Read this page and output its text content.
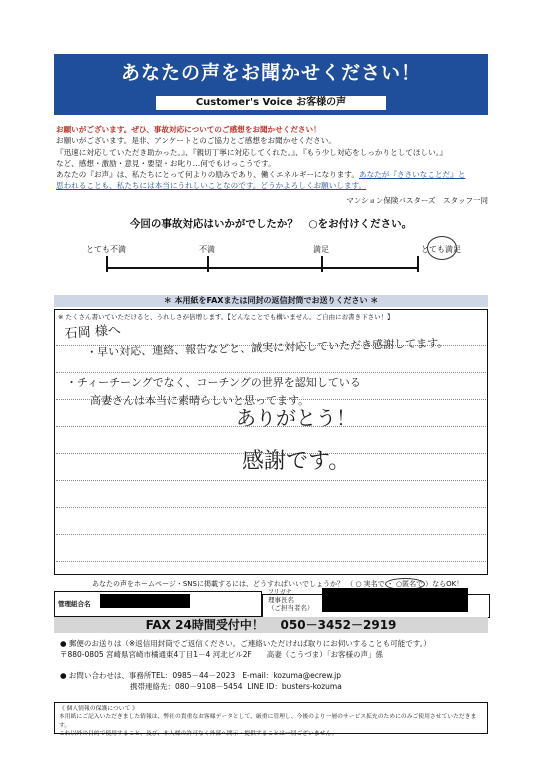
あなたの声をお聞かせください！
Customer's Voice お客様の声
お願いがございます。ぜひ、事故対応についてのご感想をお聞かせください！
お願いがございます。是非、アンケートとのご協力とご感想をお聞かせください。
『迅速に対応していただき助かった。』、『親切丁寧に対応してくれた。』、『もう少し対応をしっかりとしてほしい。』
など、感想・激励・意見・要望・お叱り…何でもけっこうです。
あなたの『お声』は、私たちにとって何よりの励みであり、働くエネルギーになります。あなたが『ささいなことだ』と
思われることも、私たちには本当にうれしいことなのです。どうかよろしくお願いします。
マンション保険バスターズ　スタッフ一同
今回の事故対応はいかがでしたか？　○をお付けください。
とても不満	不満	満足	とても満足
＊ 本用紙をFAXまたは同封の返信封筒でお送りください ＊
※ たくさん書いていただけると、うれしさが倍増します。【どんなことでも構いません。ご自由にお書き下さい！】
石岡 様へ
・早い対応、連絡、報告などと、誠実に対応していただき感謝してます。
・チィーチーングでなく、コーチングの世界を認知している
高妻さんは本当に素晴らしいと思ってます。
ありがとう！
感謝です。
あなたの声をホームページ・SNSに掲載するには、どうすればいいでしょうか？ （ ○ 実名で ・ ○匿名で ）ならOK！
管理組合名
フリガナ
理事長名
（ご担当者名）
FAX 24時間受付中！ 050－3452－2919
● 郵便のお送りは（※返信用封筒でご返信ください。ご連絡いただければ取りにお伺いすることも可能です。）
〒880-0805 宮崎県宮崎市橘通東4丁目1－4 河北ビル2F　　高妻（こうづま）「お客様の声」係
● お問い合わせは、事務所TEL：0985－44－2023 E-mail：kozuma@ecrew.jp
携帯連絡先：080－9108－5454 LINE ID：busters-kozuma
《 個人情報の保護について 》
本用紙にご記入いただきました情報は、弊社の貴重なお客様データとして、厳重に管理し、今後のより一層のサービス拡充のためにのみご使用させていただきます。
これ以外の目的で使用すること、及び、本人様の許可なく外部へ開示・提供することは一切ございません。
